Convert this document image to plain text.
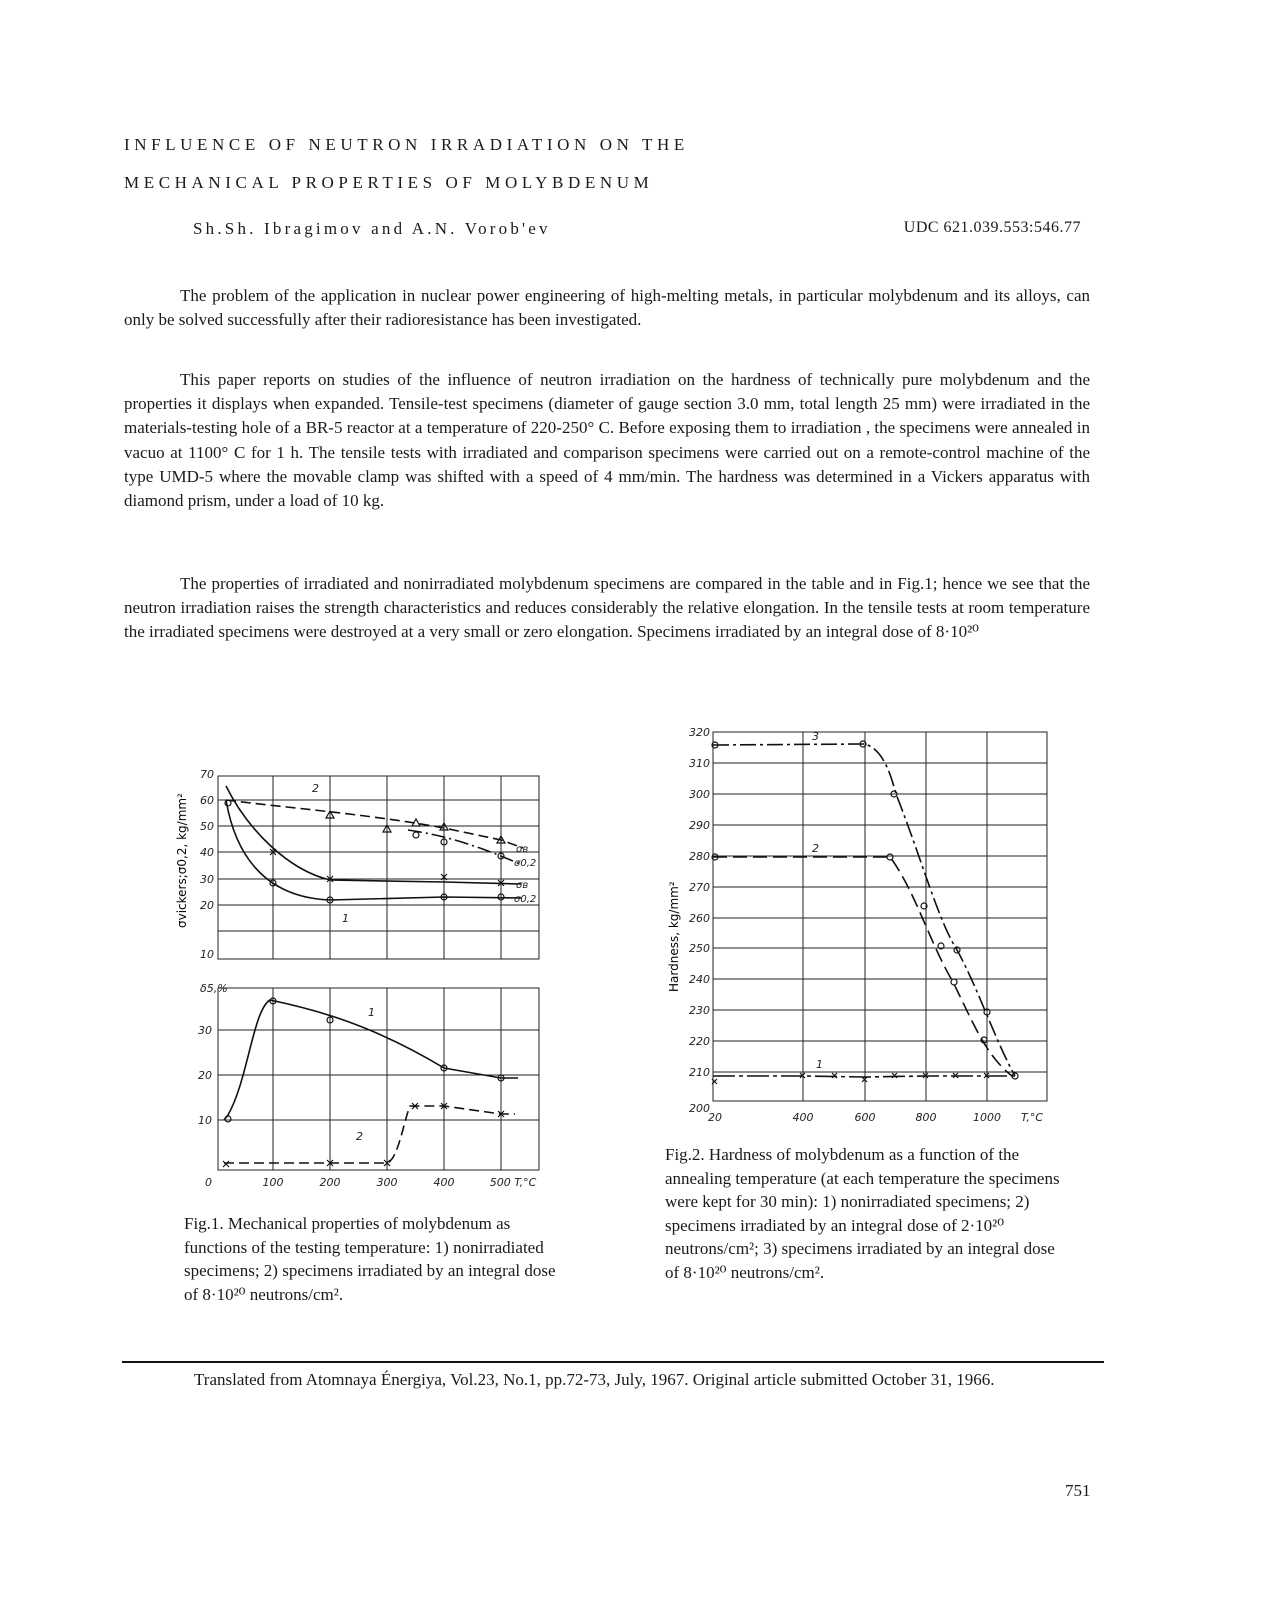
INFLUENCE OF NEUTRON IRRADIATION ON THE
MECHANICAL PROPERTIES OF MOLYBDENUM
Sh.Sh. Ibragimov and A.N. Vorob'ev	UDC 621.039.553:546.77

The problem of the application in nuclear power engineering of high-melting metals, in particular molybdenum and its alloys, can only be solved successfully after their radioresistance has been investigated.

This paper reports on studies of the influence of neutron irradiation on the hardness of technically pure molybdenum and the properties it displays when expanded. Tensile-test specimens (diameter of gauge section 3.0 mm, total length 25 mm) were irradiated in the materials-testing hole of a BR-5 reactor at a temperature of 220-250° C. Before exposing them to irradiation , the specimens were annealed in vacuo at 1100° C for 1 h. The tensile tests with irradiated and comparison specimens were carried out on a remote-control machine of the type UMD-5 where the movable clamp was shifted with a speed of 4 mm/min. The hardness was determined in a Vickers apparatus with diamond prism, under a load of 10 kg.

The properties of irradiated and nonirradiated molybdenum specimens are compared in the table and in Fig.1; hence we see that the neutron irradiation raises the strength characteristics and reduces considerably the relative elongation. In the tensile tests at room temperature the irradiated specimens were destroyed at a very small or zero elongation. Specimens irradiated by an integral dose of 8·10²⁰

70
60
50
40
30
20
10
σvickers;σ0,2, kg/mm²
2
1
σв
σ0,2
σв
σ0,2
δ5,%
30
20
10
0	100	200	300	400	500 T,°C
1
2

Fig.1. Mechanical properties of molybdenum as functions of the testing temperature: 1) nonirradiated specimens; 2) specimens irradiated by an integral dose of 8·10²⁰ neutrons/cm².

320
310
300
290
280
270
260
250
240
230
220
210
200
Hardness, kg/mm²
20	400	600	800	1000 T,°C
3
2
1

Fig.2. Hardness of molybdenum as a function of the annealing temperature (at each temperature the specimens were kept for 30 min): 1) nonirradiated specimens; 2) specimens irradiated by an integral dose of 2·10²⁰ neutrons/cm²; 3) specimens irradiated by an integral dose of 8·10²⁰ neutrons/cm².

Translated from Atomnaya Énergiya, Vol.23, No.1, pp.72-73, July, 1967. Original article submitted October 31, 1966.

751
